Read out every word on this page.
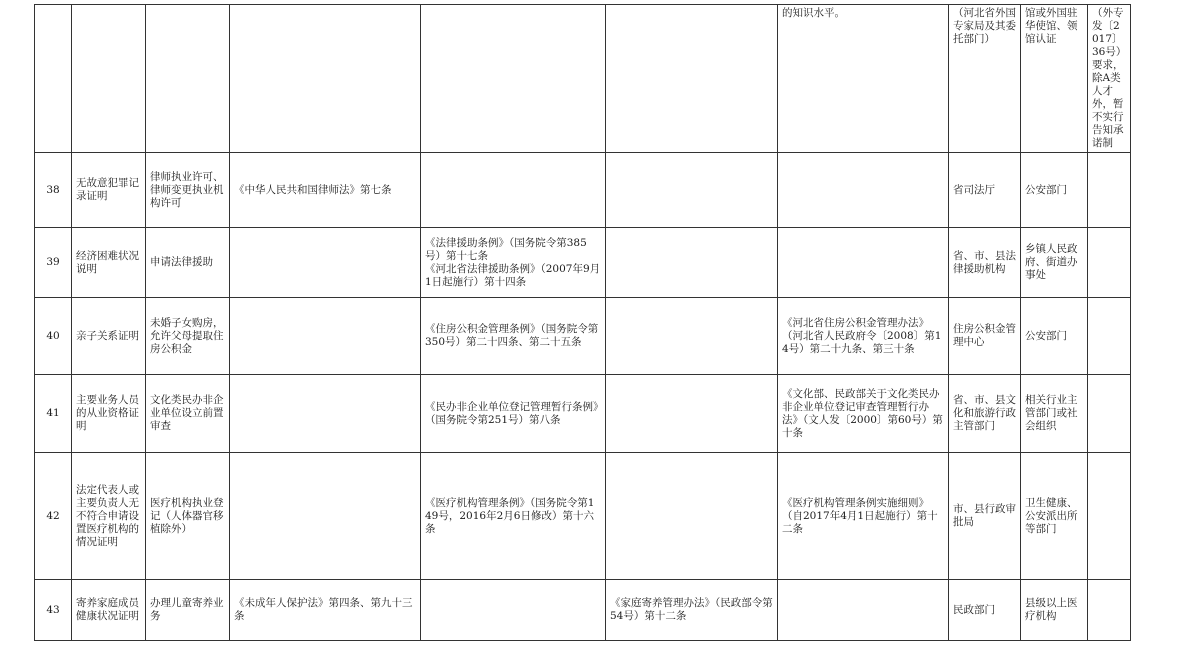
						的知识水平。	（河北省外国专家局及其委托部门）	馆或外国驻华使馆、领馆认证	（外专发〔2017〕36号）要求，除A类人才外，暂不实行告知承诺制
38	无故意犯罪记录证明	律师执业许可、律师变更执业机构许可	《中华人民共和国律师法》第七条				省司法厅	公安部门	
39	经济困难状况说明	申请法律援助		《法律援助条例》（国务院令第385号）第十七条
《河北省法律援助条例》（2007年9月1日起施行）第十四条			省、市、县法律援助机构	乡镇人民政府、街道办事处	
40	亲子关系证明	未婚子女购房，允许父母提取住房公积金		《住房公积金管理条例》（国务院令第350号）第二十四条、第二十五条		《河北省住房公积金管理办法》（河北省人民政府令〔2008〕第14号）第二十九条、第三十条	住房公积金管理中心	公安部门	
41	主要业务人员的从业资格证明	文化类民办非企业单位设立前置审查		《民办非企业单位登记管理暂行条例》（国务院令第251号）第八条		《文化部、民政部关于文化类民办非企业单位登记审查管理暂行办法》（文人发〔2000〕第60号）第十条	省、市、县文化和旅游行政主管部门	相关行业主管部门或社会组织	
42	法定代表人或主要负责人无不符合申请设置医疗机构的情况证明	医疗机构执业登记（人体器官移植除外）		《医疗机构管理条例》（国务院令第149号，2016年2月6日修改）第十六条		《医疗机构管理条例实施细则》（自2017年4月1日起施行）第十二条	市、县行政审批局	卫生健康、公安派出所等部门	
43	寄养家庭成员健康状况证明	办理儿童寄养业务	《未成年人保护法》第四条、第九十三条		《家庭寄养管理办法》（民政部令第54号）第十二条		民政部门	县级以上医疗机构	
